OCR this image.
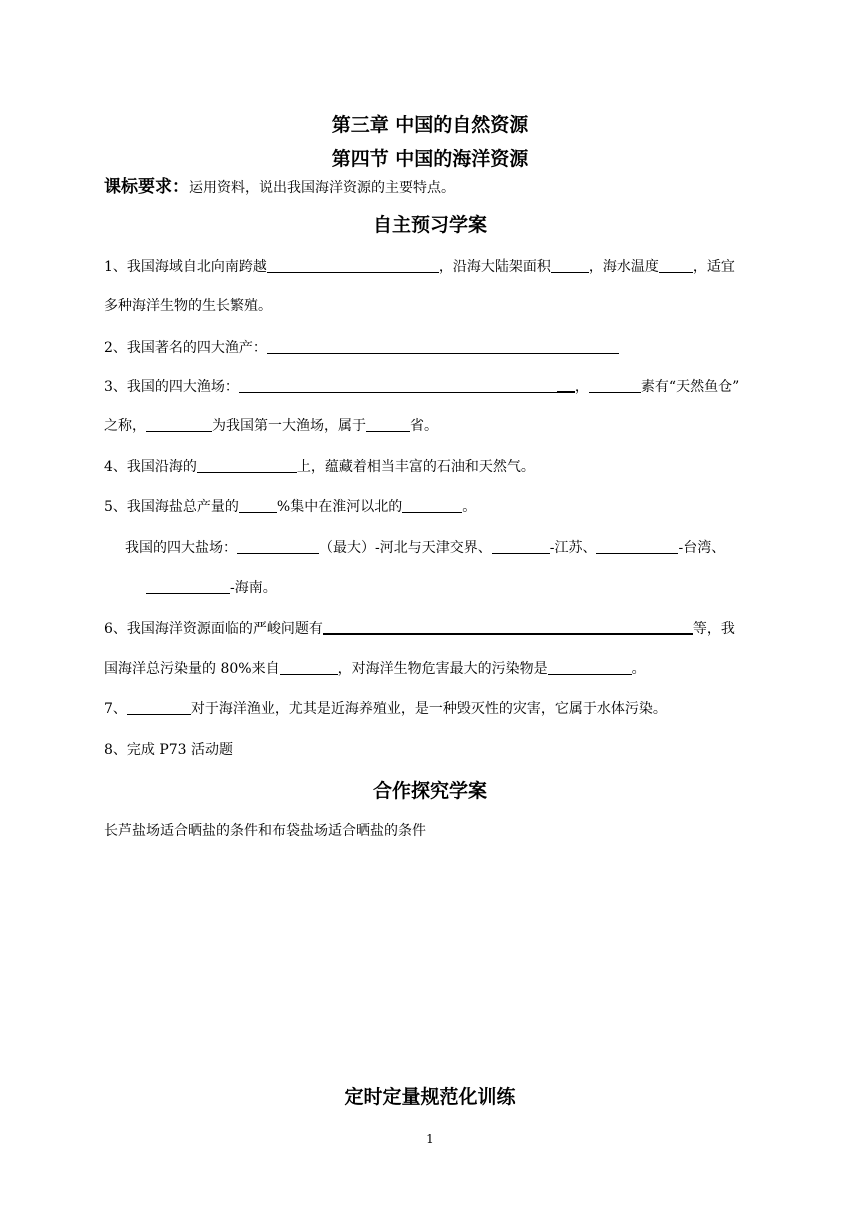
第三章 中国的自然资源
第四节 中国的海洋资源
课标要求：运用资料，说出我国海洋资源的主要特点。
自主预习学案
1、我国海域自北向南跨越	，沿海大陆架面积	，海水温度 ，适宜
多种海洋生物的生长繁殖。
2、我国著名的四大渔产：
3、我国的四大渔场：	，	素有“天然鱼仓”
之称，	为我国第一大渔场，属于	省。
4、我国沿海的	上，蕴藏着相当丰富的石油和天然气。
5、我国海盐总产量的	%集中在淮河以北的	。
我国的四大盐场：	（最大）-河北与天津交界、	-江苏、	-台湾、
-海南。
6、我国海洋资源面临的严峻问题有	等，我
国海洋总污染量的 80%来自	，对海洋生物危害最大的污染物是	。
7、	对于海洋渔业，尤其是近海养殖业，是一种毁灭性的灾害，它属于水体污染。
8、完成 P73 活动题
合作探究学案
长芦盐场适合晒盐的条件和布袋盐场适合晒盐的条件
定时定量规范化训练
1
